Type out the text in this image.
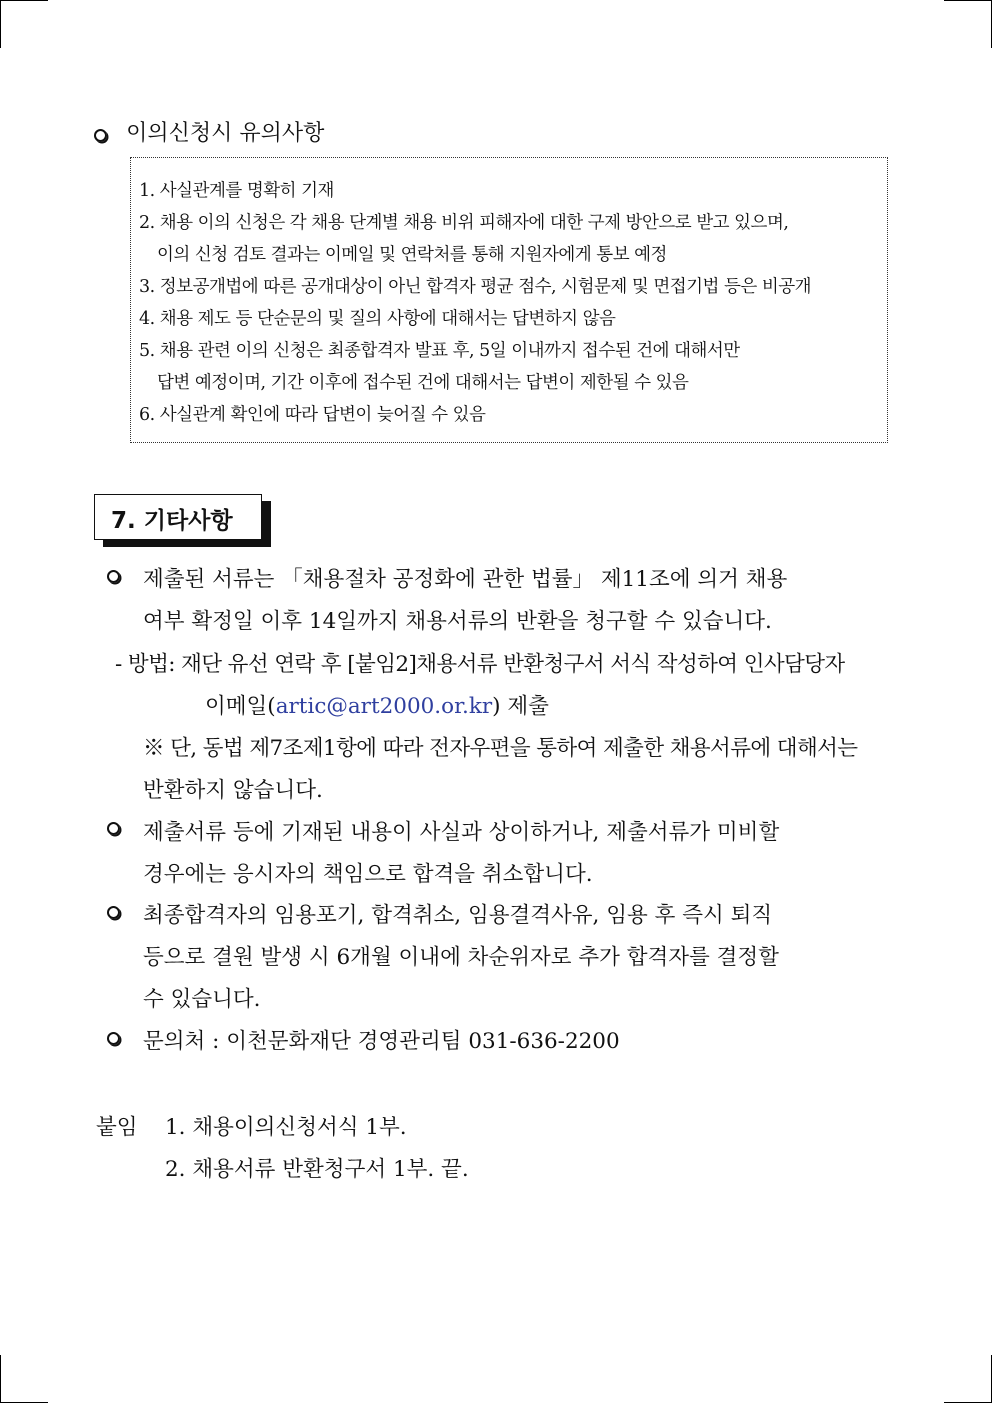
이의신청시 유의사항
1. 사실관계를 명확히 기재
2. 채용 이의 신청은 각 채용 단계별 채용 비위 피해자에 대한 구제 방안으로 받고 있으며,
이의 신청 검토 결과는 이메일 및 연락처를 통해 지원자에게 통보 예정
3. 정보공개법에 따른 공개대상이 아닌 합격자 평균 점수, 시험문제 및 면접기법 등은 비공개
4. 채용 제도 등 단순문의 및 질의 사항에 대해서는 답변하지 않음
5. 채용 관련 이의 신청은 최종합격자 발표 후, 5일 이내까지 접수된 건에 대해서만
답변 예정이며, 기간 이후에 접수된 건에 대해서는 답변이 제한될 수 있음
6. 사실관계 확인에 따라 답변이 늦어질 수 있음
7. 기타사항
제출된 서류는 「채용절차 공정화에 관한 법률」 제11조에 의거 채용
여부 확정일 이후 14일까지 채용서류의 반환을 청구할 수 있습니다.
- 방법: 재단 유선 연락 후 [붙임2]채용서류 반환청구서 서식 작성하여 인사담당자
이메일(artic@art2000.or.kr) 제출
※ 단, 동법 제7조제1항에 따라 전자우편을 통하여 제출한 채용서류에 대해서는
반환하지 않습니다.
제출서류 등에 기재된 내용이 사실과 상이하거나, 제출서류가 미비할
경우에는 응시자의 책임으로 합격을 취소합니다.
최종합격자의 임용포기, 합격취소, 임용결격사유, 임용 후 즉시 퇴직
등으로 결원 발생 시 6개월 이내에 차순위자로 추가 합격자를 결정할
수 있습니다.
문의처 : 이천문화재단 경영관리팀 031-636-2200
붙임 1. 채용이의신청서식 1부.
2. 채용서류 반환청구서 1부. 끝.
